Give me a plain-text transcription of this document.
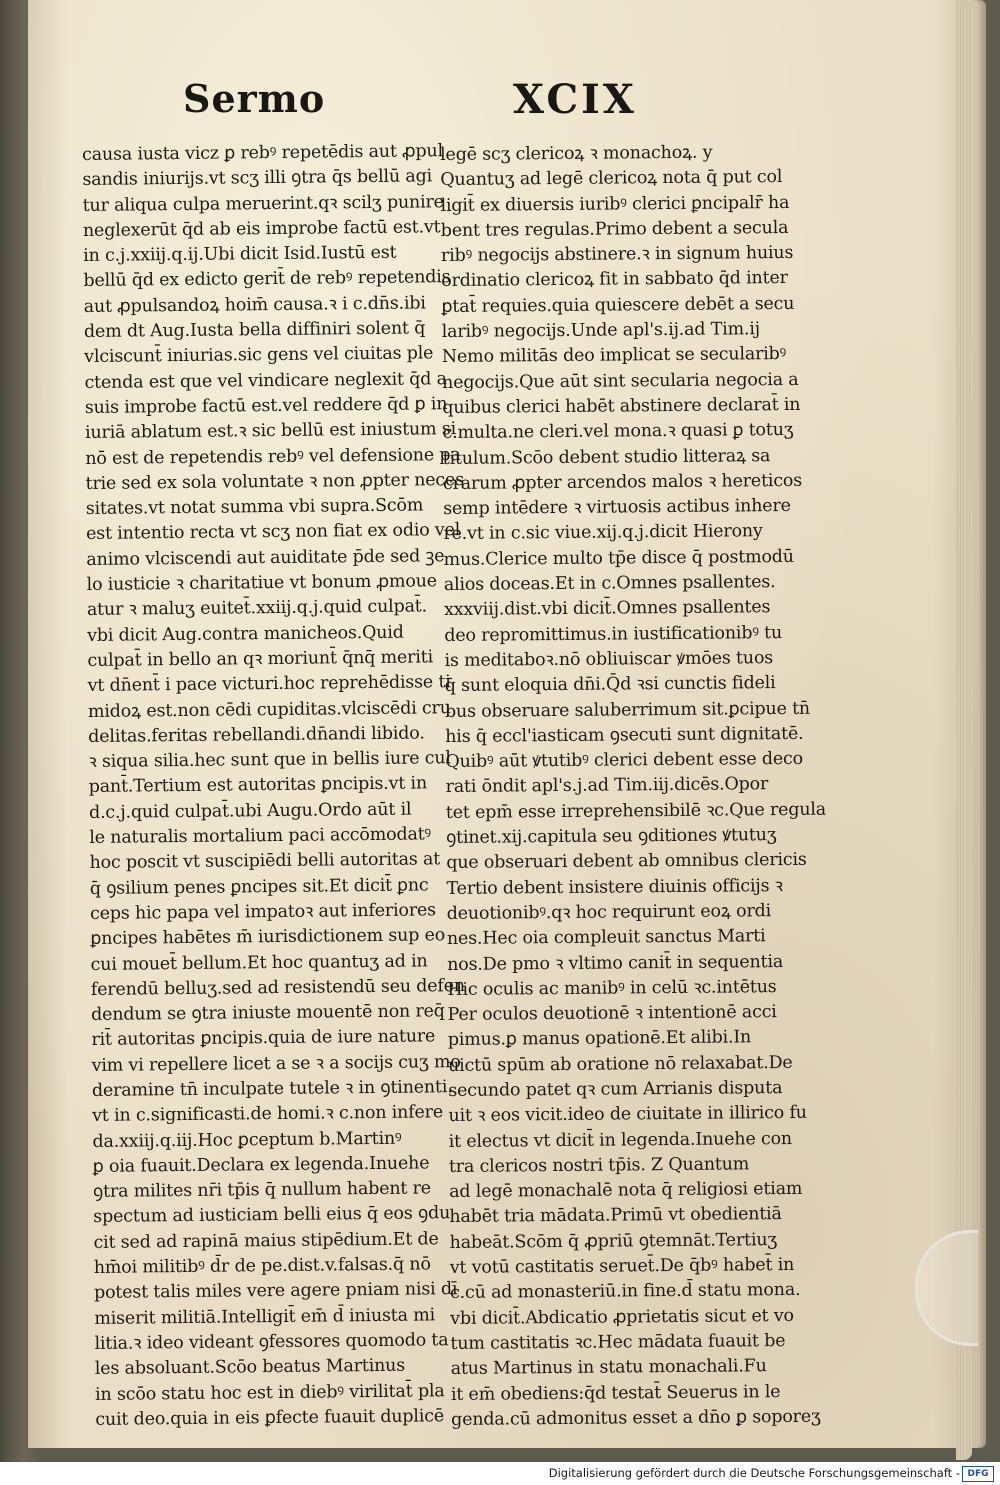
Sermo	XCIX
causa iusta vicz ꝑ rebꝰ repetēdis aut ꝓpul
sandis iniurijs.vt scʒ illi ꝯtra q̄s bellū agi
tur aliqua culpa meruerint.qꝛ scilʒ punire
neglexerūt q̄d ab eis improbe factū est.vt
in c.j.xxiij.q.ij.Ubi dicit Isid.Iustū est
bellū q̄d ex edicto gerit̄ de rebꝰ repetendis
aut ꝓpulsandoꝝ hoim̄ causa.ꝛ i c.dn̄s.ibi
dem dt Aug.Iusta bella diffiniri solent q̄
vlciscunt̄ iniurias.sic gens vel ciuitas ple
ctenda est que vel vindicare neglexit q̄d a
suis improbe factū est.vel reddere q̄d ꝑ in
iuriā ablatum est.ꝛ sic bellū est iniustum si
nō est de repetendis rebꝰ vel defensione pa
trie sed ex sola voluntate ꝛ non ꝓpter neces
sitates.vt notat summa vbi supra.Scōm
est intentio recta vt scʒ non fiat ex odio vel
animo vlciscendi aut auiditate p̄de sed ꝫe
lo iusticie ꝛ charitatiue vt bonum ꝓmoue
atur ꝛ maluʒ euitet̄.xxiij.q.j.quid culpat̄.
vbi dicit Aug.contra manicheos.Quid
culpat̄ in bello an qꝛ moriunt̄ q̄nq̄ meriti
vt dn̄ent̄ i pace victuri.hoc reprehēdisse ti
midoꝝ est.non cēdi cupiditas.vlciscēdi cru
delitas.feritas rebellandi.dn̄andi libido.
ꝛ siqua silia.hec sunt que in bellis iure cul
pant̄.Tertium est autoritas ꝑncipis.vt in
d.c.j.quid culpat̄.ubi Augu.Ordo aūt il
le naturalis mortalium paci accōmodatꝰ
hoc poscit vt suscipiēdi belli autoritas at
q̄ ꝯsilium penes ꝑncipes sit.Et dicit̄ ꝑnc
ceps hic papa vel impatoꝛ aut inferiores
ꝑncipes habētes m̄ iurisdictionem sup eo
cui mouet̄ bellum.Et hoc quantuʒ ad in
ferendū belluʒ.sed ad resistendū seu defen
dendum se ꝯtra iniuste mouentē non req̄
rit̄ autoritas ꝑncipis.quia de iure nature
vim vi repellere licet a se ꝛ a socijs cuʒ mo
deramine tn̄ inculpate tutele ꝛ in ꝯtinenti.
vt in c.significasti.de homi.ꝛ c.non infere
da.xxiij.q.iij.Hoc ꝑceptum b.Martinꝰ
ꝑ oia fuauit.Declara ex legenda.Inuehe
ꝯtra milites nr̄i tp̄is q̄ nullum habent re
spectum ad iusticiam belli eius q̄ eos ꝯdu
cit sed ad rapinā maius stipēdium.Et de
hm̄oi militibꝰ d̄r de pe.dist.v.falsas.q̄ nō
potest talis miles vere agere pniam nisi dī
miserit militiā.Intelligit̄ em̄ d̄ iniusta mi
litia.ꝛ ideo videant ꝯfessores quomodo ta
les absoluant.Scōo beatus Martinus
in scōo statu hoc est in diebꝰ virilitat̄ pla
cuit deo.quia in eis ꝑfecte fuauit duplicē
legē scʒ clericoꝝ ꝛ monachoꝝ. y
Quantuʒ ad legē clericoꝝ nota q̄ put col
ligit̄ ex diuersis iuribꝰ clerici ꝑncipalr̄ ha
bent tres regulas.Primo debent a secula
ribꝰ negocijs abstinere.ꝛ in signum huius
ordinatio clericoꝝ fit in sabbato q̄d inter
ꝑtat̄ requies.quia quiescere debēt a secu
laribꝰ negocijs.Unde apl's.ij.ad Tim.ij
Nemo militās deo implicat se secularibꝰ
negocijs.Que aūt sint secularia negocia a
quibus clerici habēt abstinere declarat̄ in
c.multa.ne cleri.vel mona.ꝛ quasi ꝑ totuʒ
titulum.Scōo debent studio litteraꝝ sa
crarum ꝓpter arcendos malos ꝛ hereticos
semp intēdere ꝛ virtuosis actibus inhere
re.vt in c.sic viue.xij.q.j.dicit Hierony
mus.Clerice multo tp̄e disce q̄ postmodū
alios doceas.Et in c.Omnes psallentes.
xxxviij.dist.vbi dicit̄.Omnes psallentes
deo repromittimus.in iustificationibꝰ tu
is meditaboꝛ.nō obliuiscar ꝟmōes tuos
q̄ sunt eloquia dn̄i.Q̄d ꝛsi cunctis fideli
bus obseruare saluberrimum sit.ꝑcipue tn̄
his q̄ eccl'iasticam ꝯsecuti sunt dignitatē.
Quibꝰ aūt ꝟtutibꝰ clerici debent esse deco
rati ōndit apl's.j.ad Tim.iij.dicēs.Opor
tet epm̄ esse irreprehensibilē ꝛc.Que regula
ꝯtinet.xij.capitula seu ꝯditiones ꝟtutuʒ
que obseruari debent ab omnibus clericis
Tertio debent insistere diuinis officijs ꝛ
deuotionibꝰ.qꝛ hoc requirunt eoꝝ ordi
nes.Hec oia compleuit sanctus Marti
nos.De pmo ꝛ vltimo canit̄ in sequentia
Hic oculis ac manibꝰ in celū ꝛc.intētus
Per oculos deuotionē ꝛ intentionē acci
pimus.ꝑ manus opationē.Et alibi.In
uictū spūm ab oratione nō relaxabat.De
secundo patet qꝛ cum Arrianis disputa
uit ꝛ eos vicit.ideo de ciuitate in illirico fu
it electus vt dicit̄ in legenda.Inuehe con
tra clericos nostri tp̄is. Z Quantum
ad legē monachalē nota q̄ religiosi etiam
habēt tria mādata.Primū vt obedientiā
habeāt.Scōm q̄ ꝓpriū ꝯtemnāt.Tertiuʒ
vt votū castitatis seruet̄.De q̄bꝰ habet̄ in
c.cū ad monasteriū.in fine.d̄ statu mona.
vbi dicit̄.Abdicatio ꝓprietatis sicut et vo
tum castitatis ꝛc.Hec mādata fuauit be
atus Martinus in statu monachali.Fu
it em̄ obediens:q̄d testat̄ Seuerus in le
genda.cū admonitus esset a dn̄o ꝑ soporeʒ
Digitalisierung gefördert durch die Deutsche Forschungsgemeinschaft - DFG
